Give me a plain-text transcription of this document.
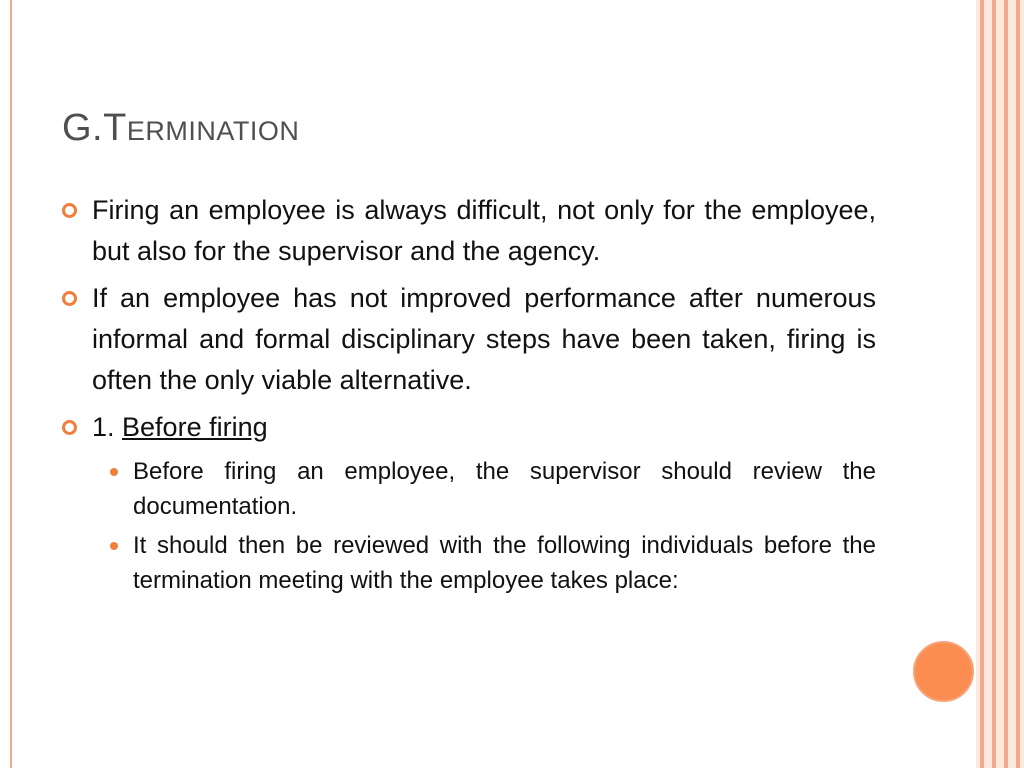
G.Termination
Firing an employee is always difficult, not only for the employee, but also for the supervisor and the agency.
If an employee has not improved performance after numerous informal and formal disciplinary steps have been taken, firing is often the only viable alternative.
1. Before firing
Before firing an employee, the supervisor should review the documentation.
It should then be reviewed with the following individuals before the termination meeting with the employee takes place:
